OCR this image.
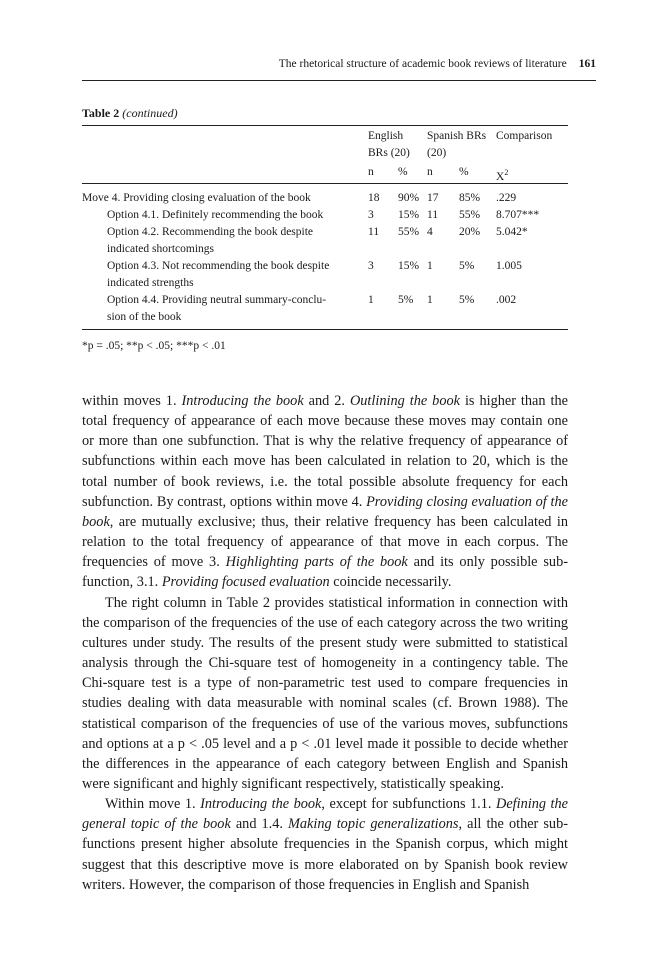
The rhetorical structure of academic book reviews of literature 161
Table 2 (continued)
English
BRs (20)
Spanish BRs
(20)
Comparison
n % n % $X^2$
Move 4. Providing closing evaluation of the book	18 90% 17 85% .229
Option 4.1. Definitely recommending the book	3 15% 11 55% 8.707***
Option 4.2. Recommending the book despite
indicated shortcomings
11 55% 4 20% 5.042*
Option 4.3. Not recommending the book despite
indicated strengths
3 15% 1 5% 1.005
Option 4.4. Providing neutral summary-conclu-
sion of the book
1 5% 1 5% .002
*p = .05; **p < .05; ***p < .01

within moves 1. Introducing the book and 2. Outlining the book is higher than the total frequency of appearance of each move because these moves may contain one or more than one subfunction. That is why the relative frequency of appearance of subfunctions within each move has been calculated in relation to 20, which is the total number of book reviews, i.e. the total possible absolute frequency for each subfunction. By contrast, options within move 4. Providing closing evaluation of the book, are mutually exclusive; thus, their relative frequency has been calculated in relation to the total frequency of appearance of that move in each corpus. The frequencies of move 3. Highlighting parts of the book and its only possible subfunction, 3.1. Providing focused evaluation coincide necessarily.

The right column in Table 2 provides statistical information in connection with the comparison of the frequencies of the use of each category across the two writing cultures under study. The results of the present study were submitted to statistical analysis through the Chi-square test of homogeneity in a contingency table. The Chi-square test is a type of non-parametric test used to compare frequencies in studies dealing with data measurable with nominal scales (cf. Brown 1988). The statistical comparison of the frequencies of use of the various moves, subfunctions and options at a p < .05 level and a p < .01 level made it possible to decide whether the differences in the appearance of each category between English and Spanish were significant and highly significant respectively, statistically speaking.

Within move 1. Introducing the book, except for subfunctions 1.1. Defining the general topic of the book and 1.4. Making topic generalizations, all the other subfunctions present higher absolute frequencies in the Spanish corpus, which might suggest that this descriptive move is more elaborated on by Spanish book review writers. However, the comparison of those frequencies in English and Spanish
